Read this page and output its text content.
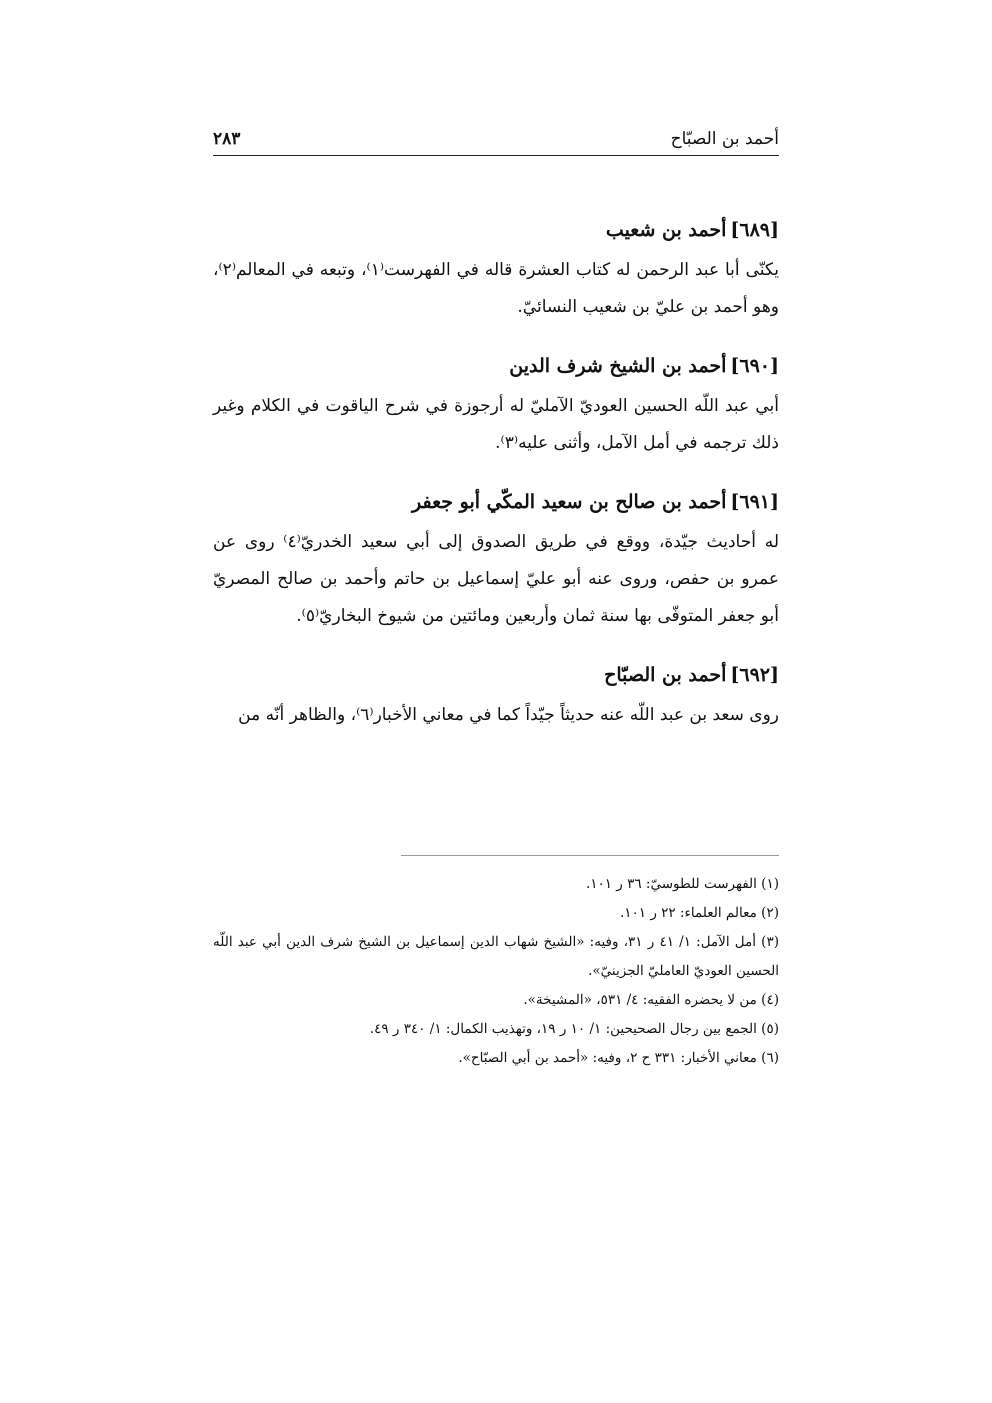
أحمد بن الصبّاح
٢٨٣
[٦٨٩]أحمد بن شعيب

يكنّى أبا عبد الرحمن له كتاب العشرة قاله في الفهرست⁽١⁾، وتبعه في المعالم⁽٢⁾، وهو أحمد بن عليّ بن شعيب النسائيّ.

[٦٩٠]أحمد بن الشيخ شرف الدين

أبي عبد اللّه الحسين العوديّ الآمليّ له أرجوزة في شرح الياقوت في الكلام وغير ذلك ترجمه في أمل الآمل، وأثنى عليه⁽٣⁾.

[٦٩١]أحمد بن صالح بن سعيد المكّي أبو جعفر

له أحاديث جيّدة، ووقع في طريق الصدوق إلى أبي سعيد الخدريّ⁽٤⁾ روى عن عمرو بن حفص، وروى عنه أبو عليّ إسماعيل بن حاتم وأحمد بن صالح المصريّ أبو جعفر المتوفّى بها سنة ثمان وأربعين ومائتين من شيوخ البخاريّ⁽٥⁾.

[٦٩٢]أحمد بن الصبّاح

روى سعد بن عبد اللّه عنه حديثاً جيّداً كما في معاني الأخبار⁽٦⁾، والظاهر أنّه من

(١) الفهرست للطوسيّ: ٣٦ ر ١٠١.
(٢) معالم العلماء: ٢٢ ر ١٠١.
(٣) أمل الآمل: ١/ ٤١ ر ٣١، وفيه: «الشيخ شهاب الدين إسماعيل بن الشيخ شرف الدين أبي عبد اللّه الحسين العوديّ العامليّ الجزينيّ».
(٤) من لا يحضره الفقيه: ٤/ ٥٣١، «المشيخة».
(٥) الجمع بين رجال الصحيحين: ١/ ١٠ ر ١٩، وتهذيب الكمال: ١/ ٣٤٠ ر ٤٩.
(٦) معاني الأخبار: ٣٣١ ح ٢، وفيه: «أحمد بن أبي الصبّاح».
